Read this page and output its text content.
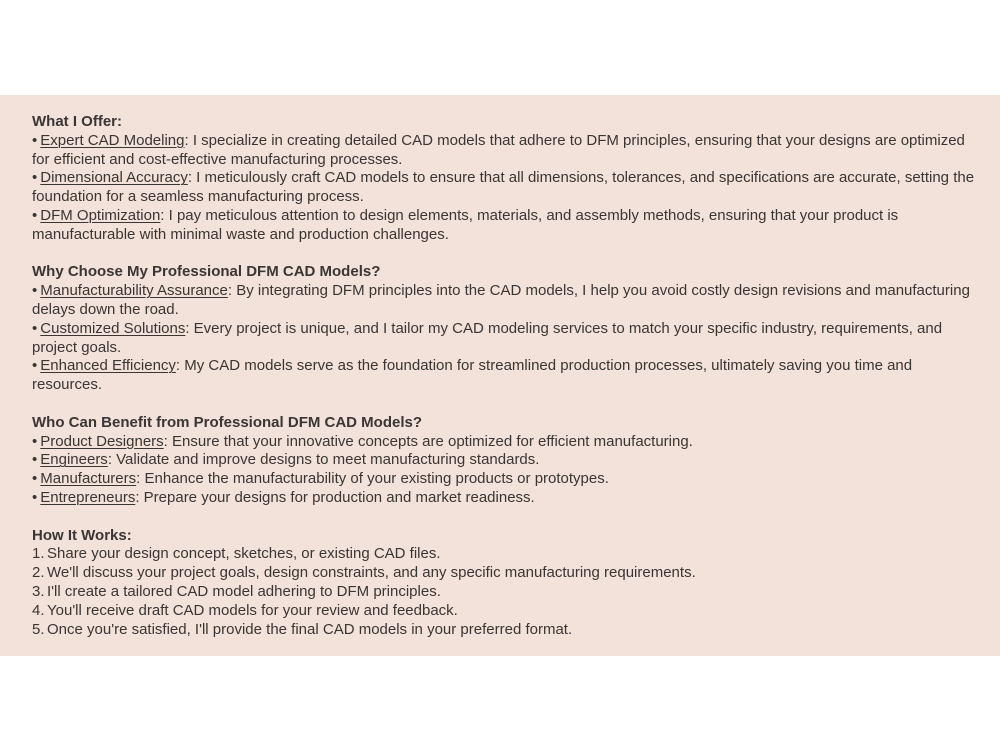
What I Offer:

• Expert CAD Modeling: I specialize in creating detailed CAD models that adhere to DFM principles, ensuring that your designs are optimized for efficient and cost-effective manufacturing processes.

• Dimensional Accuracy: I meticulously craft CAD models to ensure that all dimensions, tolerances, and specifications are accurate, setting the foundation for a seamless manufacturing process.

• DFM Optimization: I pay meticulous attention to design elements, materials, and assembly methods, ensuring that your product is manufacturable with minimal waste and production challenges.

Why Choose My Professional DFM CAD Models?

• Manufacturability Assurance: By integrating DFM principles into the CAD models, I help you avoid costly design revisions and manufacturing delays down the road.

• Customized Solutions: Every project is unique, and I tailor my CAD modeling services to match your specific industry, requirements, and project goals.

• Enhanced Efficiency: My CAD models serve as the foundation for streamlined production processes, ultimately saving you time and resources.

Who Can Benefit from Professional DFM CAD Models?

• Product Designers: Ensure that your innovative concepts are optimized for efficient manufacturing.

• Engineers: Validate and improve designs to meet manufacturing standards.

• Manufacturers: Enhance the manufacturability of your existing products or prototypes.

• Entrepreneurs: Prepare your designs for production and market readiness.

How It Works:

1. Share your design concept, sketches, or existing CAD files.

2. We'll discuss your project goals, design constraints, and any specific manufacturing requirements.

3. I'll create a tailored CAD model adhering to DFM principles.

4. You'll receive draft CAD models for your review and feedback.

5. Once you're satisfied, I'll provide the final CAD models in your preferred format.
